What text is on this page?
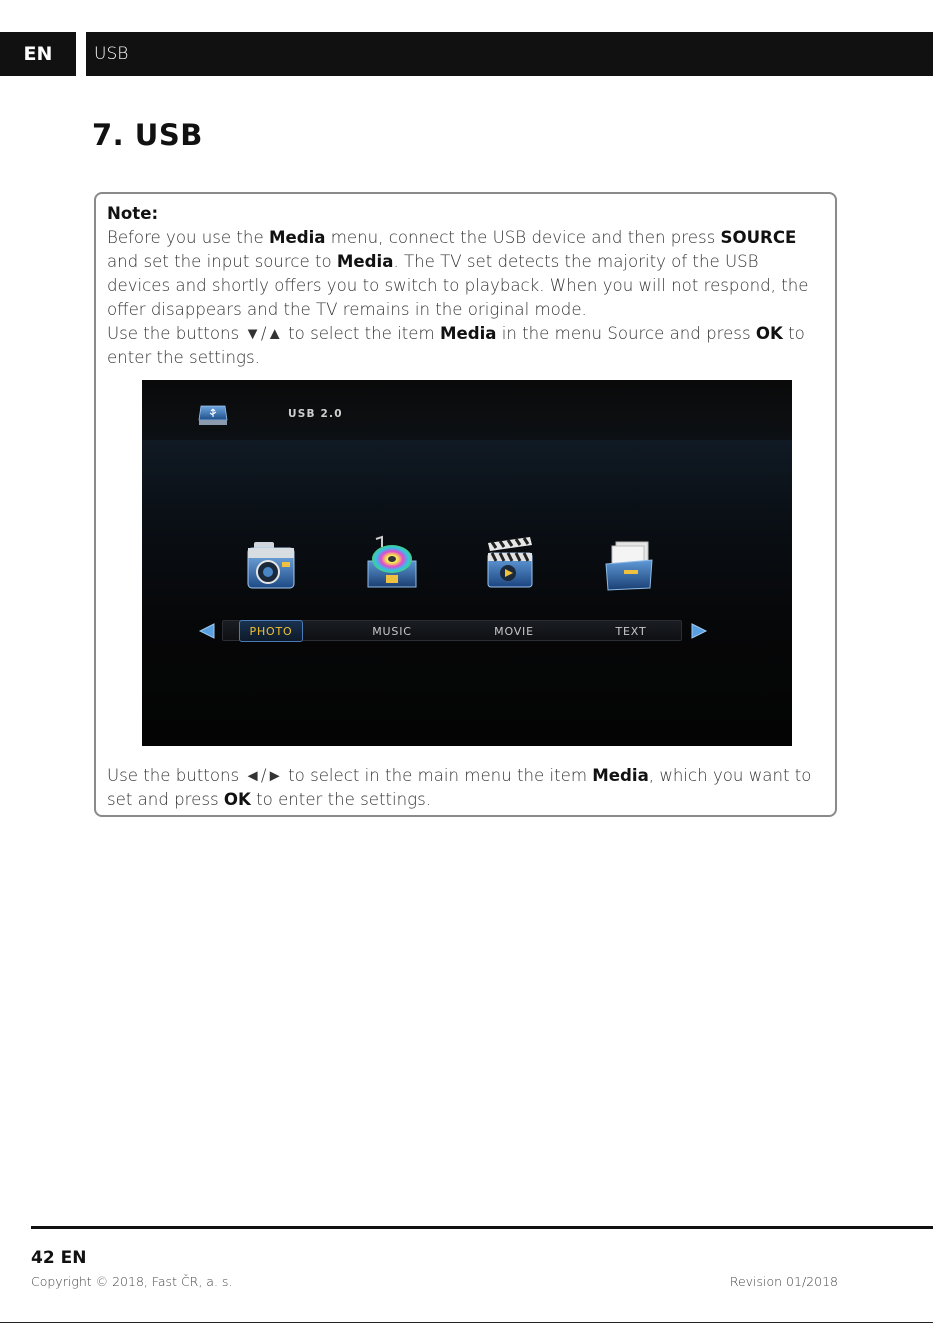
EN	USB
7. USB

Note:

Before you use the Media menu, connect the USB device and then press SOURCE and set the input source to Media. The TV set detects the majority of the USB devices and shortly offers you to switch to playback. When you will not respond, the offer disappears and the TV remains in the original mode.

Use the buttons ▼/▲ to select the item Media in the menu Source and press OK to enter the settings.

USB 2.0
PHOTO	MUSIC	MOVIE	TEXT

Use the buttons ◄/► to select in the main menu the item Media, which you want to set and press OK to enter the settings.

42 EN
Copyright © 2018, Fast ČR, a. s.	Revision 01/2018
